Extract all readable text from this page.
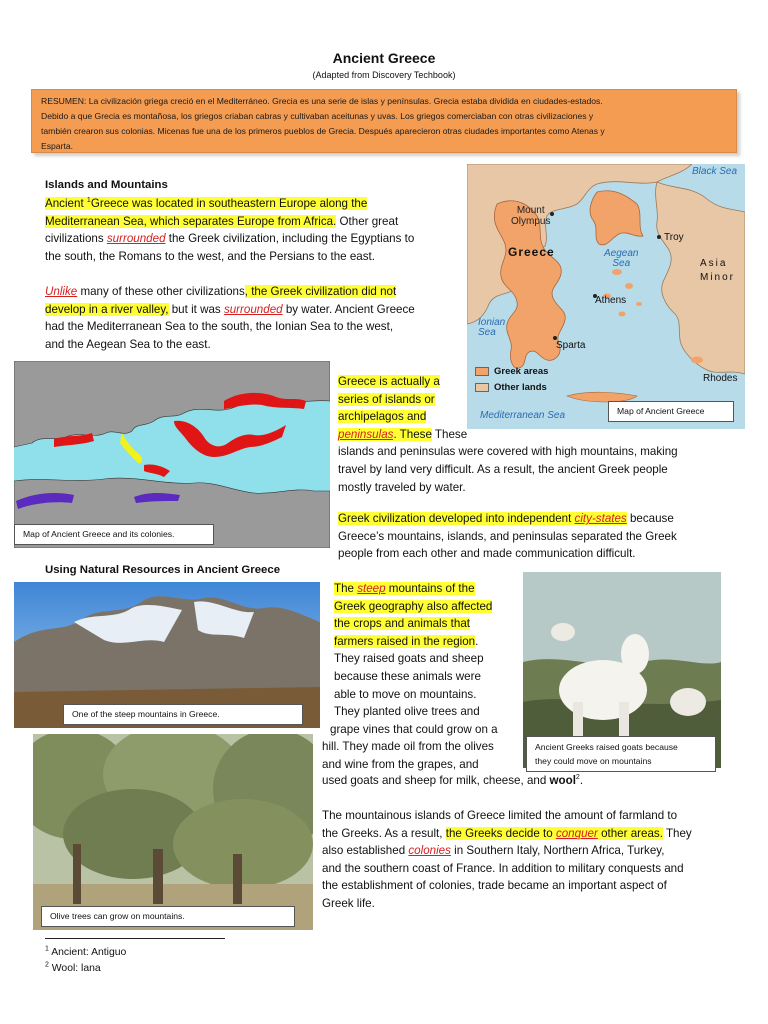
Ancient Greece
(Adapted from Discovery Techbook)
RESUMEN: La civilización griega creció en el Mediterráneo. Grecia es una serie de islas y penínsulas. Grecia estaba dividida en ciudades-estados.
Debido a que Grecia es montañosa, los griegos criaban cabras y cultivaban aceitunas y uvas. Los griegos comerciaban con otras civilizaciones y
también crearon sus colonias. Micenas fue una de los primeros pueblos de Grecia. Después aparecieron otras ciudades importantes como Atenas y
Esparta.
Islands and Mountains
Ancient $^1$Greece was located in southeastern Europe along the
Mediterranean Sea, which separates Europe from Africa. Other great
civilizations surrounded the Greek civilization, including the Egyptians to
the south, the Romans to the west, and the Persians to the east.
Unlike many of these other civilizations, the Greek civilization did not
develop in a river valley, but it was surrounded by water. Ancient Greece
had the Mediterranean Sea to the south, the Ionian Sea to the west,
and the Aegean Sea to the east.
Black Sea
Mount
Olympus
Greece
Troy
Aegean
Sea	Asia
Minor
Athens
Ionian
Sea
Sparta
Rhodes
Mediterranean Sea
Greek areas
Other lands
Map of Ancient Greece
Map of Ancient Greece and its colonies.
Greece is actually a
series of islands or
archipelagos and
peninsulas. These These
islands and peninsulas were covered with high mountains, making
travel by land very difficult. As a result, the ancient Greek people
mostly traveled by water.
Greek civilization developed into independent city-states because
Greece’s mountains, islands, and peninsulas separated the Greek
people from each other and made communication difficult.
Using Natural Resources in Ancient Greece
One of the steep mountains in Greece.
Olive trees can grow on mountains.
Ancient Greeks raised goats because
they could move on mountains
The steep mountains of the
Greek geography also affected
the crops and animals that
farmers raised in the region.
They raised goats and sheep
because these animals were
able to move on mountains.
They planted olive trees and
grape vines that could grow on a
hill. They made oil from the olives
and wine from the grapes, and
used goats and sheep for milk, cheese, and wool$^2$.
The mountainous islands of Greece limited the amount of farmland to
the Greeks. As a result, the Greeks decide to conquer other areas. They
also established colonies in Southern Italy, Northern Africa, Turkey,
and the southern coast of France. In addition to military conquests and
the establishment of colonies, trade became an important aspect of
Greek life.
$^1$ Ancient: Antiguo
$^2$ Wool: lana
